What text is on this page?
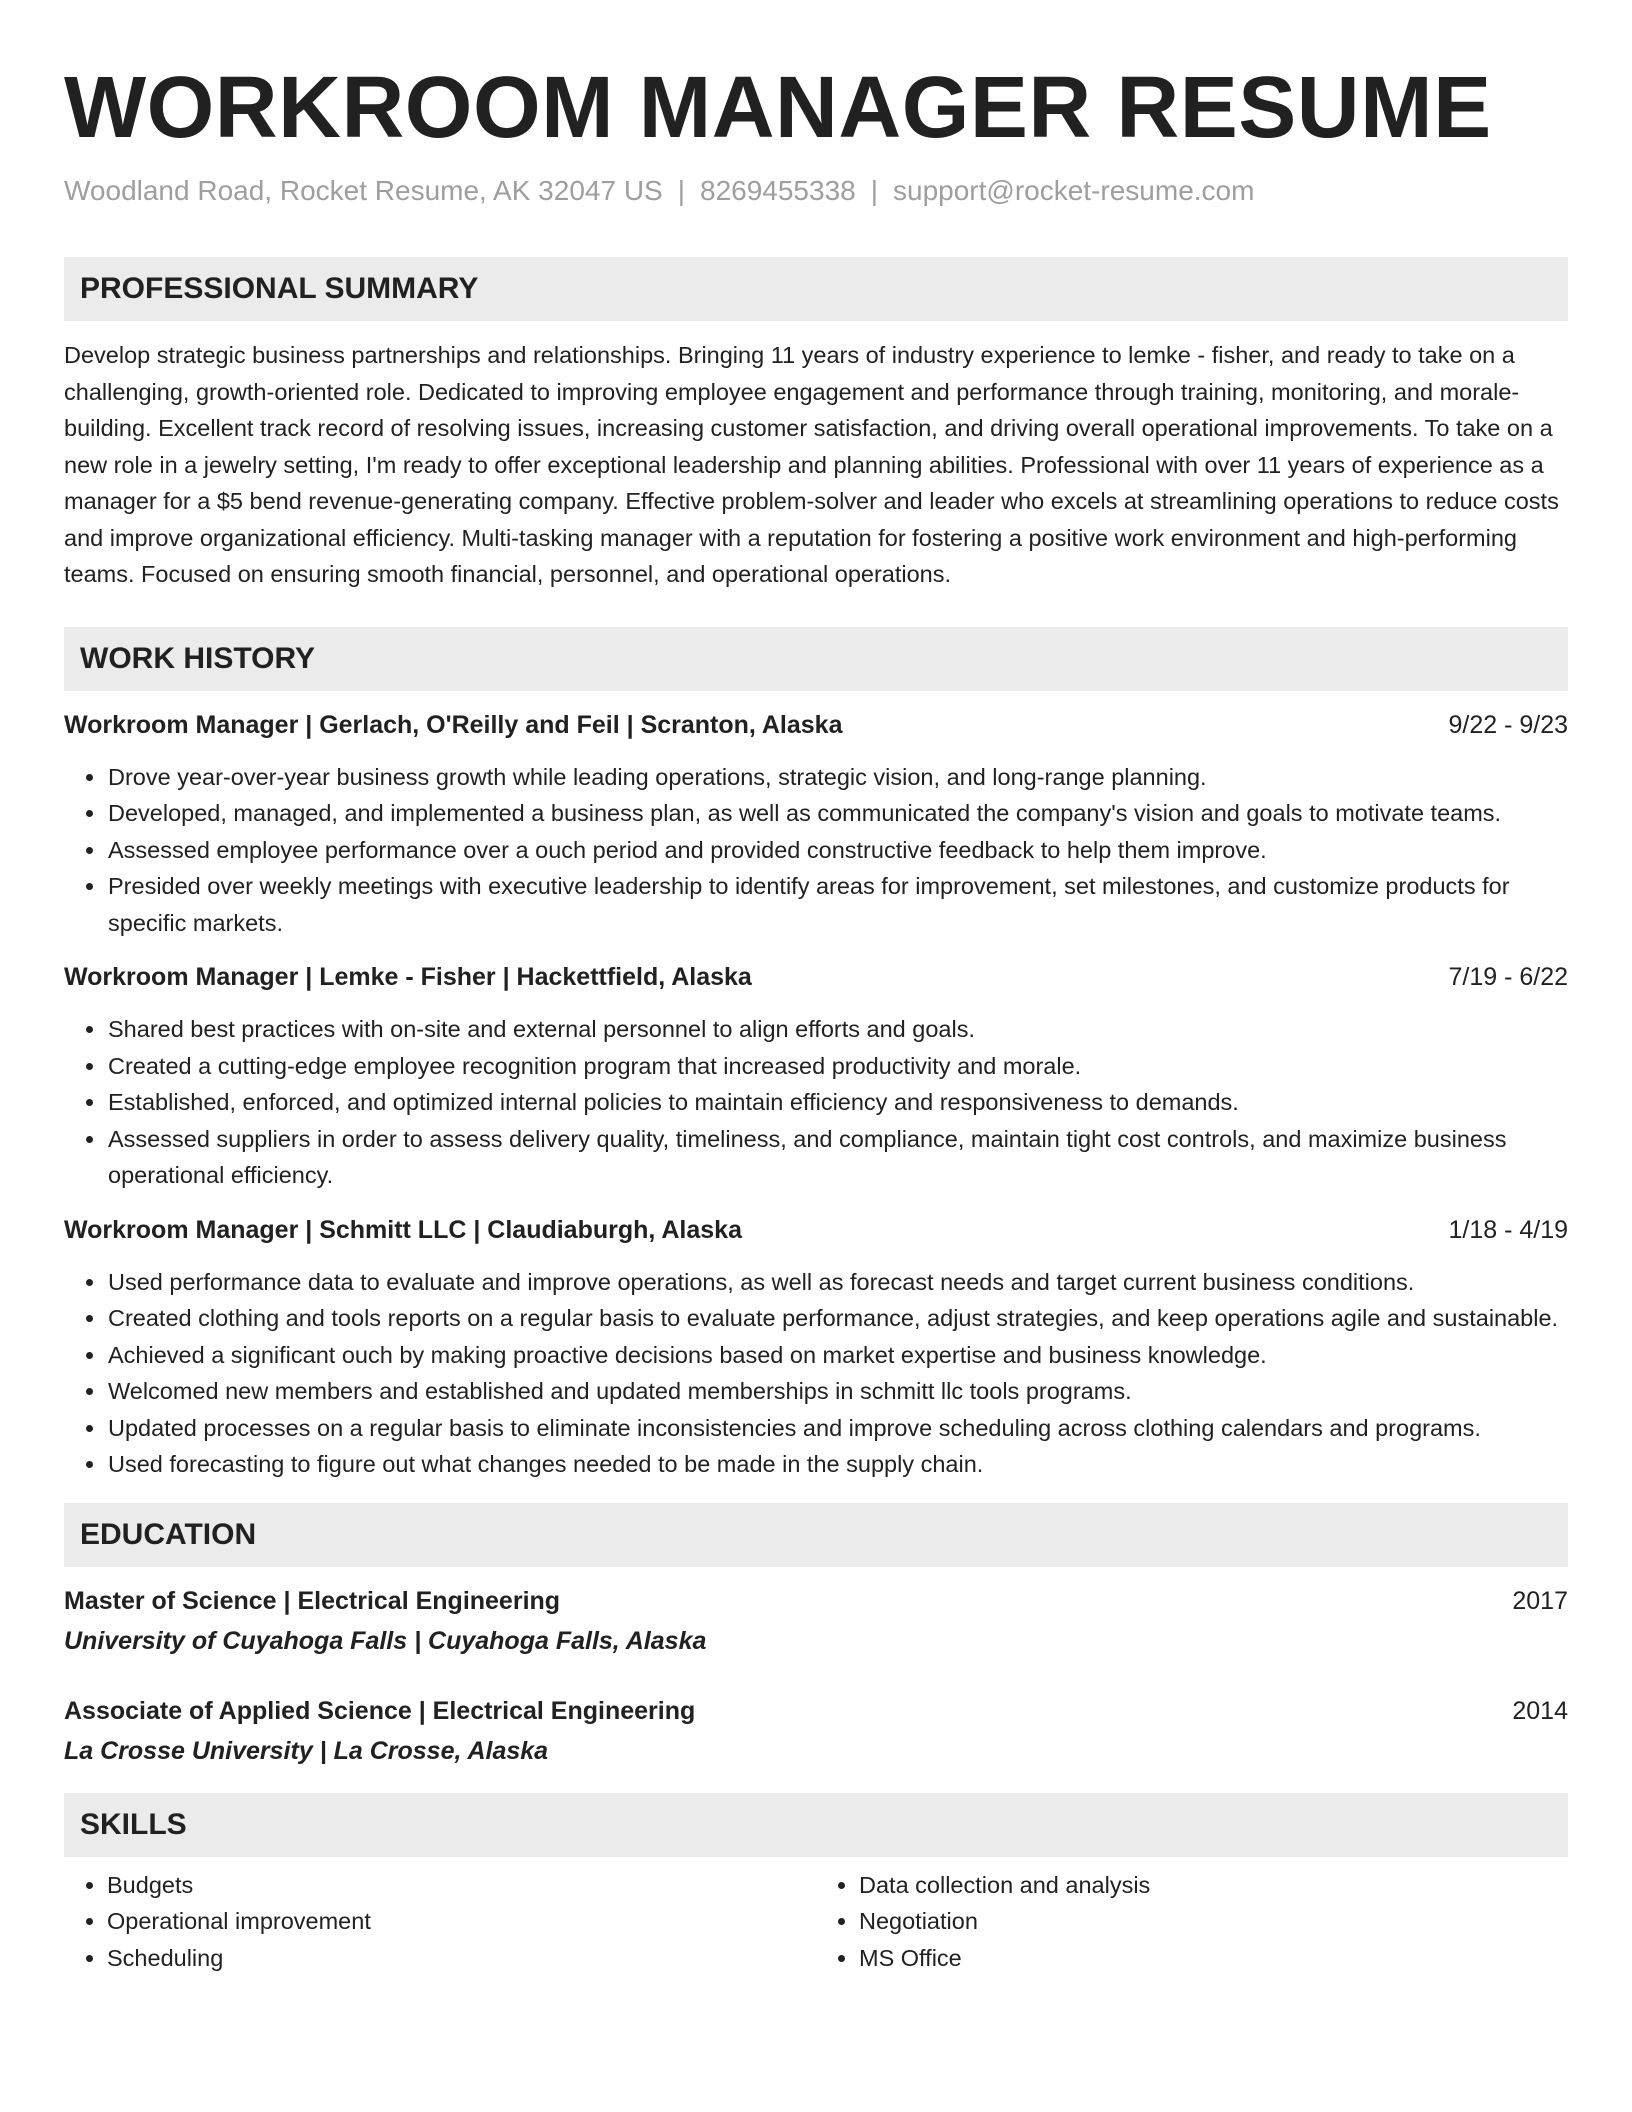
WORKROOM MANAGER RESUME
Woodland Road, Rocket Resume, AK 32047 US | 8269455338 | support@rocket-resume.com
PROFESSIONAL SUMMARY

Develop strategic business partnerships and relationships. Bringing 11 years of industry experience to lemke - fisher, and ready to take on a challenging, growth-oriented role. Dedicated to improving employee engagement and performance through training, monitoring, and morale-building. Excellent track record of resolving issues, increasing customer satisfaction, and driving overall operational improvements. To take on a new role in a jewelry setting, I'm ready to offer exceptional leadership and planning abilities. Professional with over 11 years of experience as a manager for a $5 bend revenue-generating company. Effective problem-solver and leader who excels at streamlining operations to reduce costs and improve organizational efficiency. Multi-tasking manager with a reputation for fostering a positive work environment and high-performing teams. Focused on ensuring smooth financial, personnel, and operational operations.

WORK HISTORY
Workroom Manager | Gerlach, O'Reilly and Feil | Scranton, Alaska	9/22 - 9/23
• Drove year-over-year business growth while leading operations, strategic vision, and long-range planning.
• Developed, managed, and implemented a business plan, as well as communicated the company's vision and goals to motivate teams.
• Assessed employee performance over a ouch period and provided constructive feedback to help them improve.
• Presided over weekly meetings with executive leadership to identify areas for improvement, set milestones, and customize products for specific markets.
Workroom Manager | Lemke - Fisher | Hackettfield, Alaska	7/19 - 6/22
• Shared best practices with on-site and external personnel to align efforts and goals.
• Created a cutting-edge employee recognition program that increased productivity and morale.
• Established, enforced, and optimized internal policies to maintain efficiency and responsiveness to demands.
• Assessed suppliers in order to assess delivery quality, timeliness, and compliance, maintain tight cost controls, and maximize business operational efficiency.
Workroom Manager | Schmitt LLC | Claudiaburgh, Alaska	1/18 - 4/19
• Used performance data to evaluate and improve operations, as well as forecast needs and target current business conditions.
• Created clothing and tools reports on a regular basis to evaluate performance, adjust strategies, and keep operations agile and sustainable.
• Achieved a significant ouch by making proactive decisions based on market expertise and business knowledge.
• Welcomed new members and established and updated memberships in schmitt llc tools programs.
• Updated processes on a regular basis to eliminate inconsistencies and improve scheduling across clothing calendars and programs.
• Used forecasting to figure out what changes needed to be made in the supply chain.
EDUCATION
Master of Science | Electrical Engineering	2017
University of Cuyahoga Falls | Cuyahoga Falls, Alaska
Associate of Applied Science | Electrical Engineering	2014
La Crosse University | La Crosse, Alaska
SKILLS
• Budgets
• Operational improvement
• Scheduling
• Data collection and analysis
• Negotiation
• MS Office
